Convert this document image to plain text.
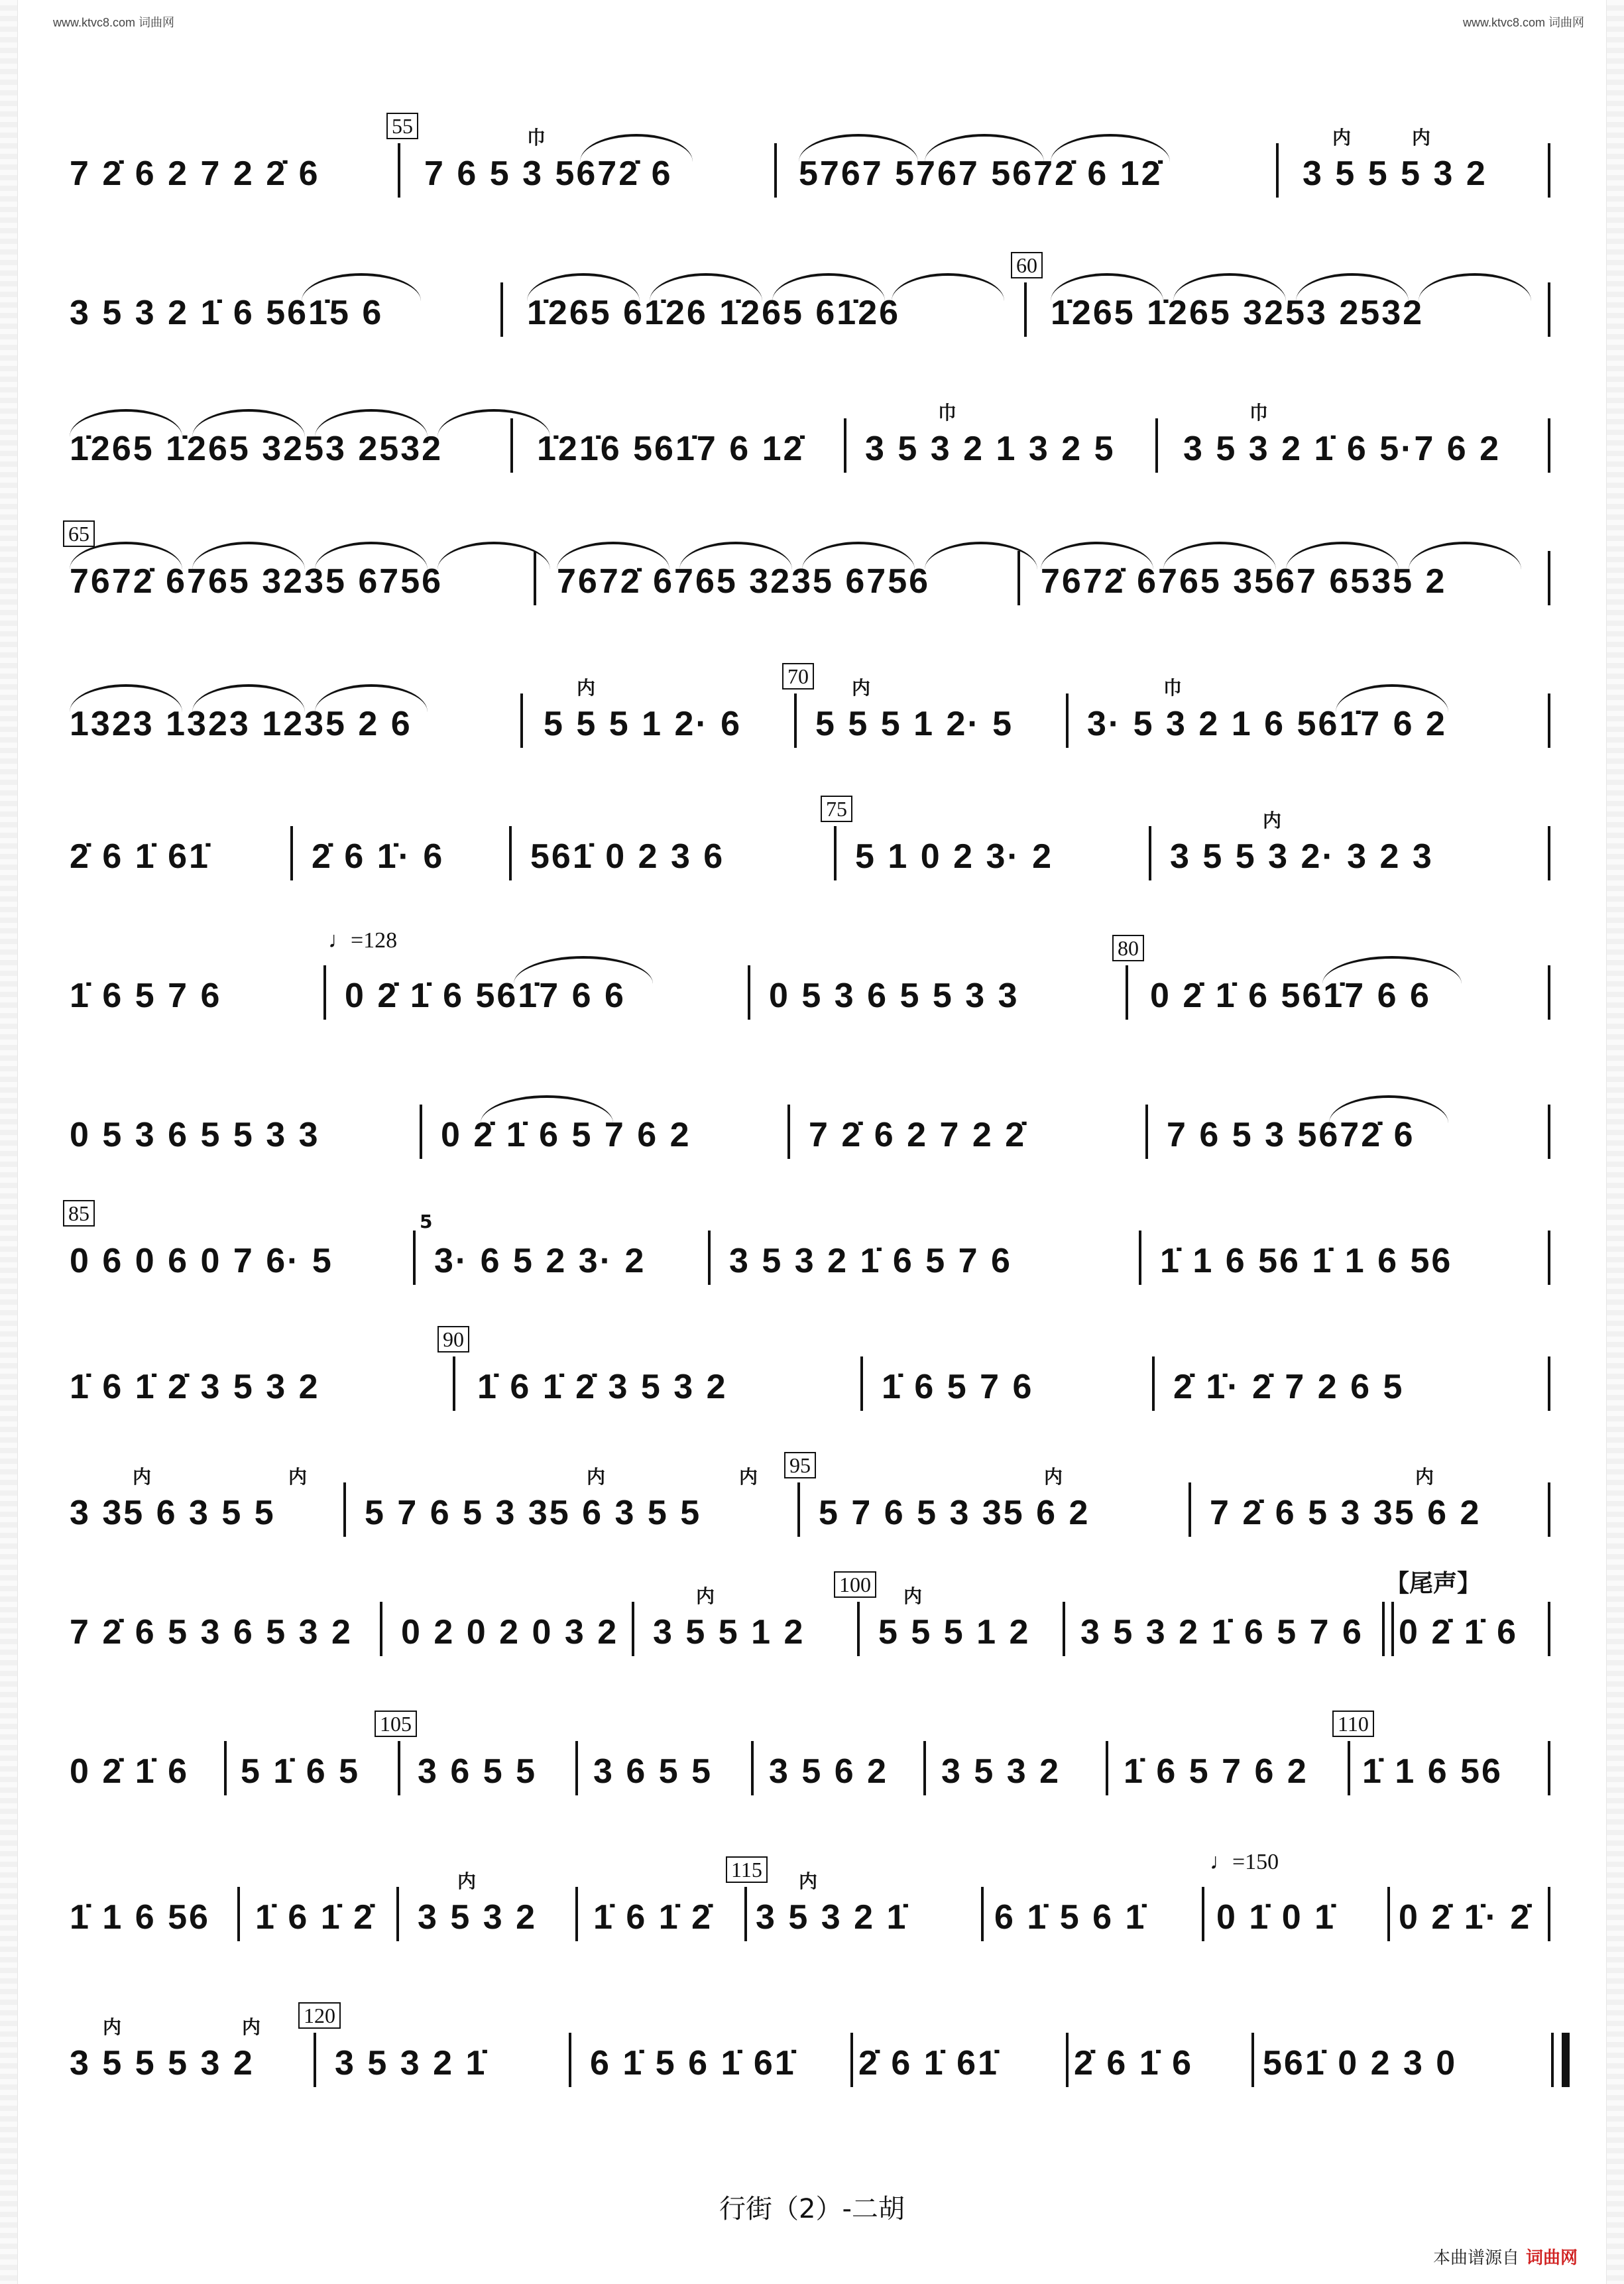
www.ktvc8.com 词曲网	www.ktvc8.com 词曲网
7 2̇ 6 2 7 2 2̇ 6
55	巾
7 6 5 3 5672̇ 6	5767 5767 5672̇ 6 12̇
内	内
3 5 5 5 3 2
3 5 3 2 1̇ 6 561̇5 6	1̇265 61̇26 1̇265 61̇26
60
1̇265 1̇265 3253 2532
1̇265 1̇265 3253 2532	1̇21̇6 561̇7 6 12̇
巾
3 5 3 2 1 3 2 5
巾
3 5 3 2 1̇ 6 5·7 6 2
65
7672̇ 6765 3235 6756	7672̇ 6765 3235 6756	7672̇ 6765 3567 6535 2
1323 1323 1235 2 6
内
5 5 5 1 2· 6
70 内
5 5 5 1 2· 5
巾
3· 5 3 2 1 6 561̇7 6 2
2̇ 6 1̇ 61̇	2̇ 6 1̇· 6 561̇ 0 2 3 6
75
5 1 0 2 3· 2
内
3 5 5 3 2· 3 2 3
♩=128
1̇ 6 5 7 6	0 2̇ 1̇ 6 561̇7 6 6	0 5 3 6 5 5 3 3
80
0 2̇ 1̇ 6 561̇7 6 6
0 5 3 6 5 5 3 3	0 2̇ 1̇ 6 5 7 6 2	7 2̇ 6 2 7 2 2̇	7 6 5 3 5672̇ 6
85
0 6 0 6 0 7 6· 5
5
3· 6 5 2 3· 2 3 5 3 2 1̇ 6 5 7 6	1̇ 1 6 56 1̇ 1 6 56
1̇ 6 1̇ 2̇ 3 5 3 2
90
1̇ 6 1̇ 2̇ 3 5 3 2	1̇ 6 5 7 6	2̇ 1̇· 2̇ 7 2 6 5
内	内
3 35 6 3 5 5
内	内
5 7 6 5 3 35 6 3 5 5
95	内
5 7 6 5 3 35 6 2
内
7 2̇ 6 5 3 35 6 2
7 2̇ 6 5 3 6 5 3 2 0 2 0 2 0 3 2
内
3 5 5 1 2
100 内
5 5 5 1 2 3 5 3 2 1̇ 6 5 7 6
【尾声】
0 2̇ 1̇ 6
0 2̇ 1̇ 6 5 1̇ 6 5
105
3 6 5 5 3 6 5 5 3 5 6 2 3 5 3 2 1̇ 6 5 7 6 2
110
1̇ 1 6 56
1̇ 1 6 56 1̇ 6 1̇ 2̇
内
3 5 3 2 1̇ 6 1̇ 2̇
115 内
3 5 3 2 1̇	6 1̇ 5 6 1̇
♩=150
0 1̇ 0 1̇ 0 2̇ 1̇· 2̇
内	内
3 5 5 5 3 2
120
3 5 3 2 1̇	6 1̇ 5 6 1̇ 61̇ 2̇ 6 1̇ 61̇ 2̇ 6 1̇ 6 561̇ 0 2 3 0
行街（2）-二胡
本曲谱源自 词曲网
